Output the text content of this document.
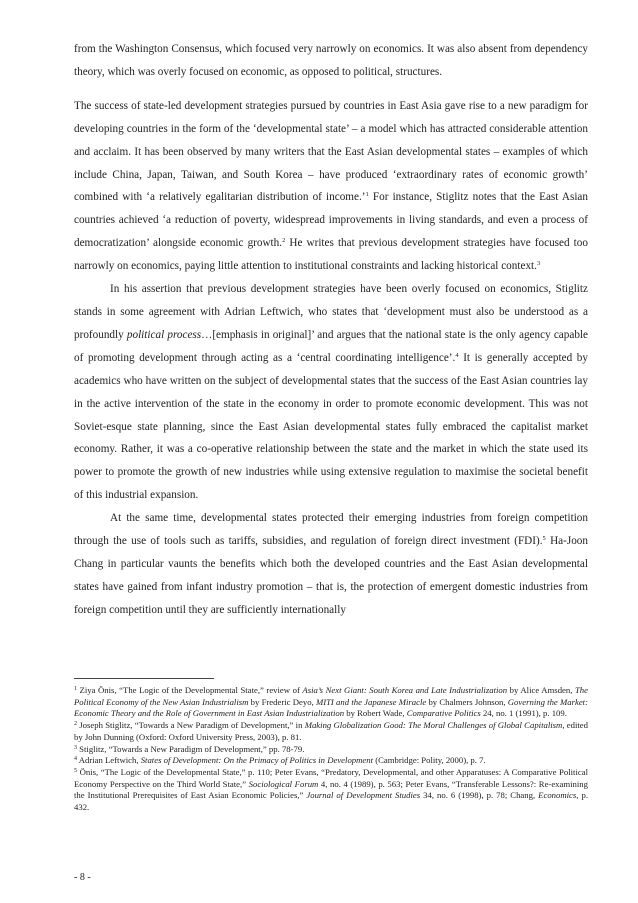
from the Washington Consensus, which focused very narrowly on economics. It was also absent from dependency theory, which was overly focused on economic, as opposed to political, structures.

The success of state-led development strategies pursued by countries in East Asia gave rise to a new paradigm for developing countries in the form of the ‘developmental state’ – a model which has attracted considerable attention and acclaim. It has been observed by many writers that the East Asian developmental states – examples of which include China, Japan, Taiwan, and South Korea – have produced ‘extraordinary rates of economic growth’ combined with ‘a relatively egalitarian distribution of income.’$^1$ For instance, Stiglitz notes that the East Asian countries achieved ‘a reduction of poverty, widespread improvements in living standards, and even a process of democratization’ alongside economic growth.$^2$ He writes that previous development strategies have focused too narrowly on economics, paying little attention to institutional constraints and lacking historical context.$^3$

In his assertion that previous development strategies have been overly focused on economics, Stiglitz stands in some agreement with Adrian Leftwich, who states that ‘development must also be understood as a profoundly political process…[emphasis in original]’ and argues that the national state is the only agency capable of promoting development through acting as a ‘central coordinating intelligence’.$^4$ It is generally accepted by academics who have written on the subject of developmental states that the success of the East Asian countries lay in the active intervention of the state in the economy in order to promote economic development. This was not Soviet-esque state planning, since the East Asian developmental states fully embraced the capitalist market economy. Rather, it was a co-operative relationship between the state and the market in which the state used its power to promote the growth of new industries while using extensive regulation to maximise the societal benefit of this industrial expansion.

At the same time, developmental states protected their emerging industries from foreign competition through the use of tools such as tariffs, subsidies, and regulation of foreign direct investment (FDI).$^5$ Ha-Joon Chang in particular vaunts the benefits which both the developed countries and the East Asian developmental states have gained from infant industry promotion – that is, the protection of emergent domestic industries from foreign competition until they are sufficiently internationally

$^1$ Ziya Önis, “The Logic of the Developmental State,” review of Asia’s Next Giant: South Korea and Late Industrialization by Alice Amsden, The Political Economy of the New Asian Industrialism by Frederic Deyo, MITI and the Japanese Miracle by Chalmers Johnson, Governing the Market: Economic Theory and the Role of Government in East Asian Industrialization by Robert Wade, Comparative Politics 24, no. 1 (1991), p. 109.

$^2$ Joseph Stiglitz, “Towards a New Paradigm of Development,” in Making Globalization Good: The Moral Challenges of Global Capitalism, edited by John Dunning (Oxford: Oxford University Press, 2003), p. 81.

$^3$ Stiglitz, “Towards a New Paradigm of Development,” pp. 78-79.

$^4$ Adrian Leftwich, States of Development: On the Primacy of Politics in Development (Cambridge: Polity, 2000), p. 7.

$^5$ Önis, “The Logic of the Developmental State,” p. 110; Peter Evans, “Predatory, Developmental, and other Apparatuses: A Comparative Political Economy Perspective on the Third World State,” Sociological Forum 4, no. 4 (1989), p. 563; Peter Evans, “Transferable Lessons?: Re-examining the Institutional Prerequisites of East Asian Economic Policies,” Journal of Development Studies 34, no. 6 (1998), p. 78; Chang, Economics, p. 432.

- 8 -
